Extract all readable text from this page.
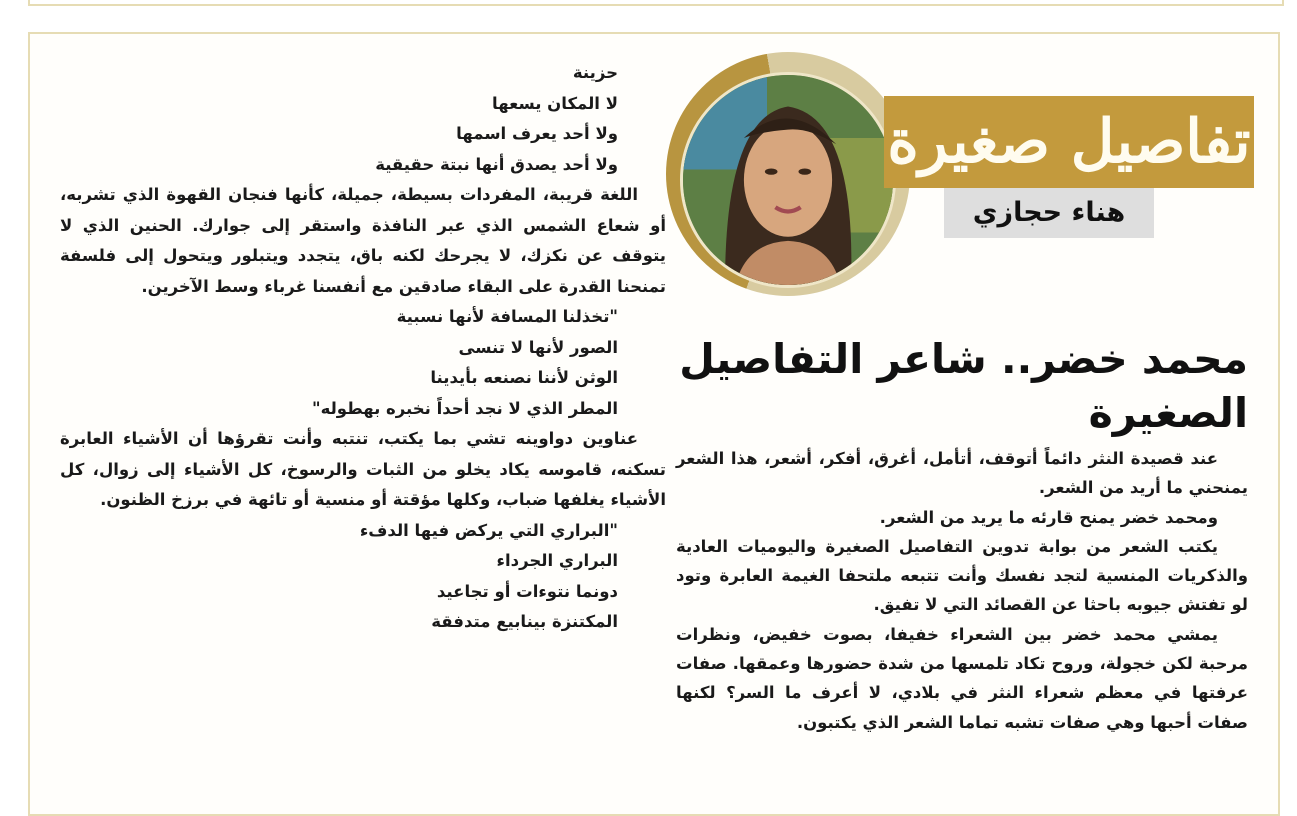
حزينة

لا المكان يسعها

ولا أحد يعرف اسمها

ولا أحد يصدق أنها نبتة حقيقية

اللغة قريبة، المفردات بسيطة، جميلة، كأنها فنجان القهوة الذي تشربه، أو شعاع الشمس الذي عبر النافذة واستقر إلى جوارك. الحنين الذي لا يتوقف عن نكزك، لا يجرحك لكنه باق، يتجدد ويتبلور ويتحول إلى فلسفة تمنحنا القدرة على البقاء صادقين مع أنفسنا غرباء وسط الآخرين.

"تخذلنا المسافة لأنها نسبية

الصور لأنها لا تنسى

الوثن لأننا نصنعه بأيدينا

المطر الذي لا نجد أحداً نخبره بهطوله"

عناوين دواوينه تشي بما يكتب، تنتبه وأنت تقرؤها أن الأشياء العابرة تسكنه، قاموسه يكاد يخلو من الثبات والرسوخ، كل الأشياء إلى زوال، كل الأشياء يغلفها ضباب، وكلها مؤقتة أو منسية أو تائهة في برزخ الظنون.

"البراري التي يركض فيها الدفء

البراري الجرداء

دونما نتوءات أو تجاعيد

المكتنزة بينابيع متدفقة

تفاصيل صغيرة
هناء حجازي
محمد خضر.. شاعر التفاصيل الصغيرة

عند قصيدة النثر دائماً أتوقف، أتأمل، أغرق، أفكر، أشعر، هذا الشعر يمنحني ما أريد من الشعر.

ومحمد خضر يمنح قارئه ما يريد من الشعر.

يكتب الشعر من بوابة تدوين التفاصيل الصغيرة واليوميات العادية والذكريات المنسية لتجد نفسك وأنت تتبعه ملتحفا الغيمة العابرة وتود لو تفتش جيوبه باحثا عن القصائد التي لا تفيق.

يمشي محمد خضر بين الشعراء خفيفا، بصوت خفيض، ونظرات مرحبة لكن خجولة، وروح تكاد تلمسها من شدة حضورها وعمقها. صفات عرفتها في معظم شعراء النثر في بلادي، لا أعرف ما السر؟ لكنها صفات أحبها وهي صفات تشبه تماما الشعر الذي يكتبون.
